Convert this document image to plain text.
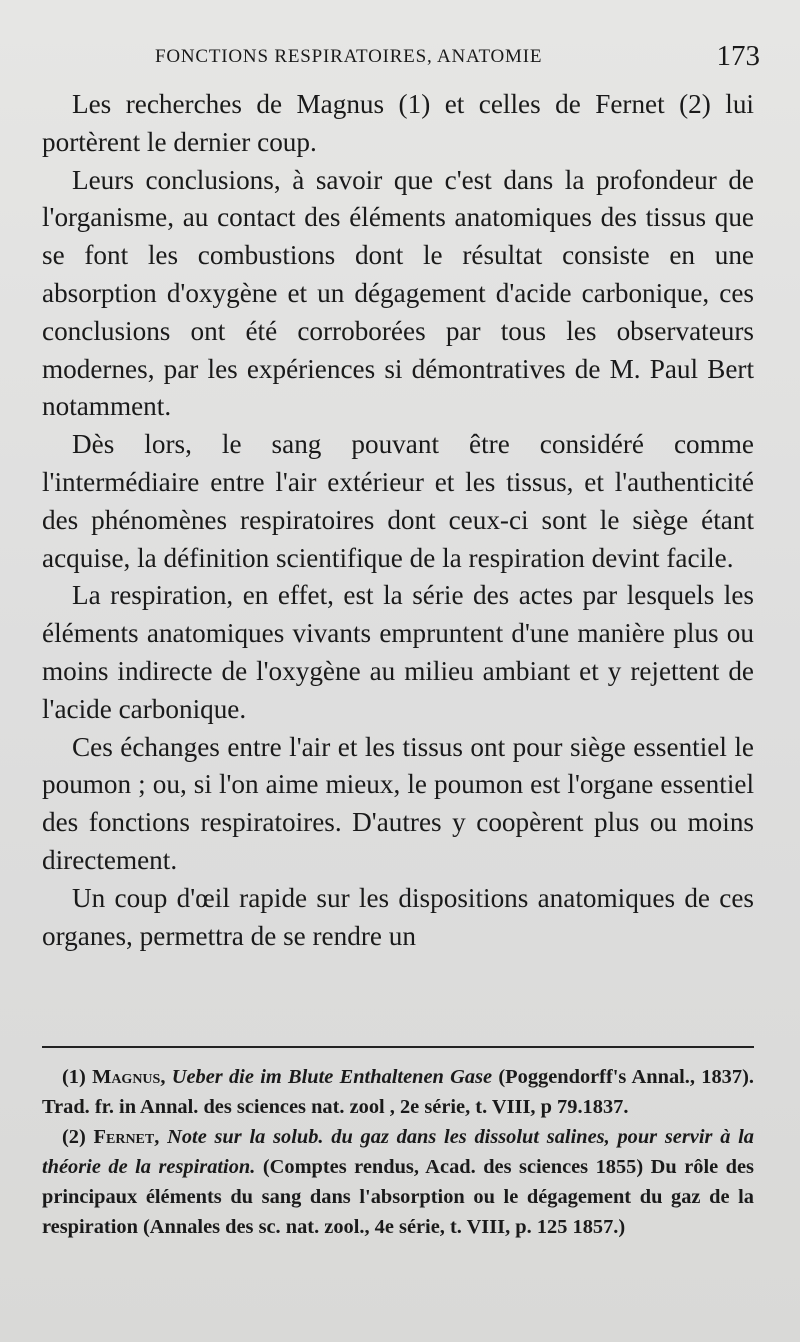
FONCTIONS RESPIRATOIRES, ANATOMIE	173

Les recherches de Magnus (1) et celles de Fernet (2) lui portèrent le dernier coup.

Leurs conclusions, à savoir que c'est dans la profondeur de l'organisme, au contact des éléments anatomiques des tissus que se font les combustions dont le résultat consiste en une absorption d'oxygène et un dégagement d'acide carbonique, ces conclusions ont été corroborées par tous les observateurs modernes, par les expériences si démontratives de M. Paul Bert notamment.

Dès lors, le sang pouvant être considéré comme l'intermédiaire entre l'air extérieur et les tissus, et l'authenticité des phénomènes respiratoires dont ceux-ci sont le siège étant acquise, la définition scientifique de la respiration devint facile.

La respiration, en effet, est la série des actes par lesquels les éléments anatomiques vivants empruntent d'une manière plus ou moins indirecte de l'oxygène au milieu ambiant et y rejettent de l'acide carbonique.

Ces échanges entre l'air et les tissus ont pour siège essentiel le poumon ; ou, si l'on aime mieux, le poumon est l'organe essentiel des fonctions respiratoires. D'autres y coopèrent plus ou moins directement.

Un coup d'œil rapide sur les dispositions anatomiques de ces organes, permettra de se rendre un

(1) Magnus, Ueber die im Blute Enthaltenen Gase (Poggendorff's Annal., 1837). Trad. fr. in Annal. des sciences nat. zool , 2e série, t. VIII, p 79.1837.

(2) Fernet, Note sur la solub. du gaz dans les dissolut salines, pour servir à la théorie de la respiration. (Comptes rendus, Acad. des sciences 1855) Du rôle des principaux éléments du sang dans l'absorption ou le dégagement du gaz de la respiration (Annales des sc. nat. zool., 4e série, t. VIII, p. 125 1857.)
